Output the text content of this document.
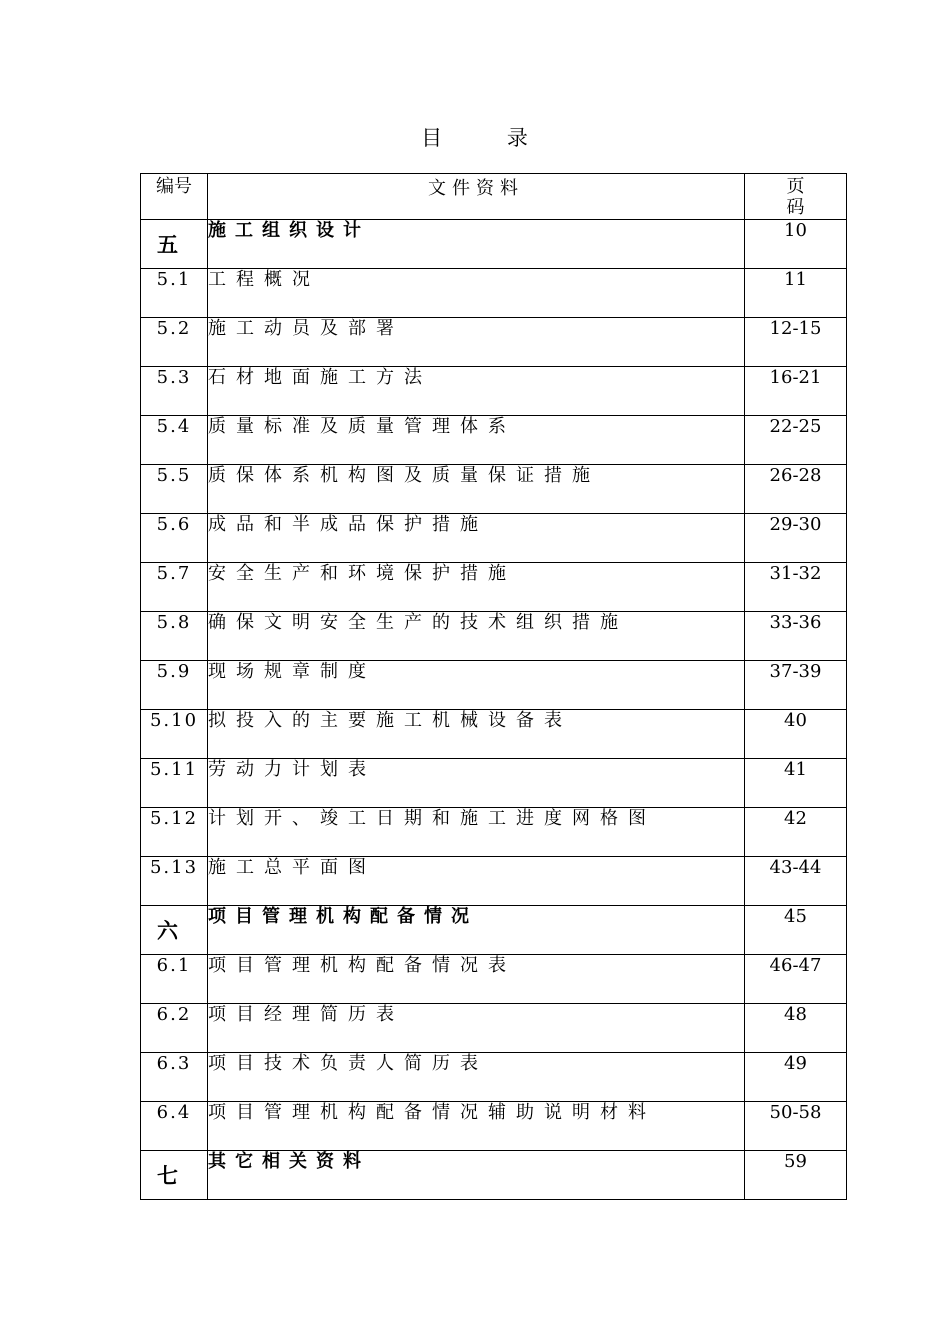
目 录
编号	文件资料	页码
五	施工组织设计	10
5.1	工程概况	11
5.2	施工动员及部署	12-15
5.3	石材地面施工方法	16-21
5.4	质量标准及质量管理体系	22-25
5.5	质保体系机构图及质量保证措施	26-28
5.6	成品和半成品保护措施	29-30
5.7	安全生产和环境保护措施	31-32
5.8	确保文明安全生产的技术组织措施	33-36
5.9	现场规章制度	37-39
5.10	拟投入的主要施工机械设备表	40
5.11	劳动力计划表	41
5.12	计划开、竣工日期和施工进度网格图	42
5.13	施工总平面图	43-44
六	项目管理机构配备情况	45
6.1	项目管理机构配备情况表	46-47
6.2	项目经理简历表	48
6.3	项目技术负责人简历表	49
6.4	项目管理机构配备情况辅助说明材料	50-58
七	其它相关资料	59
